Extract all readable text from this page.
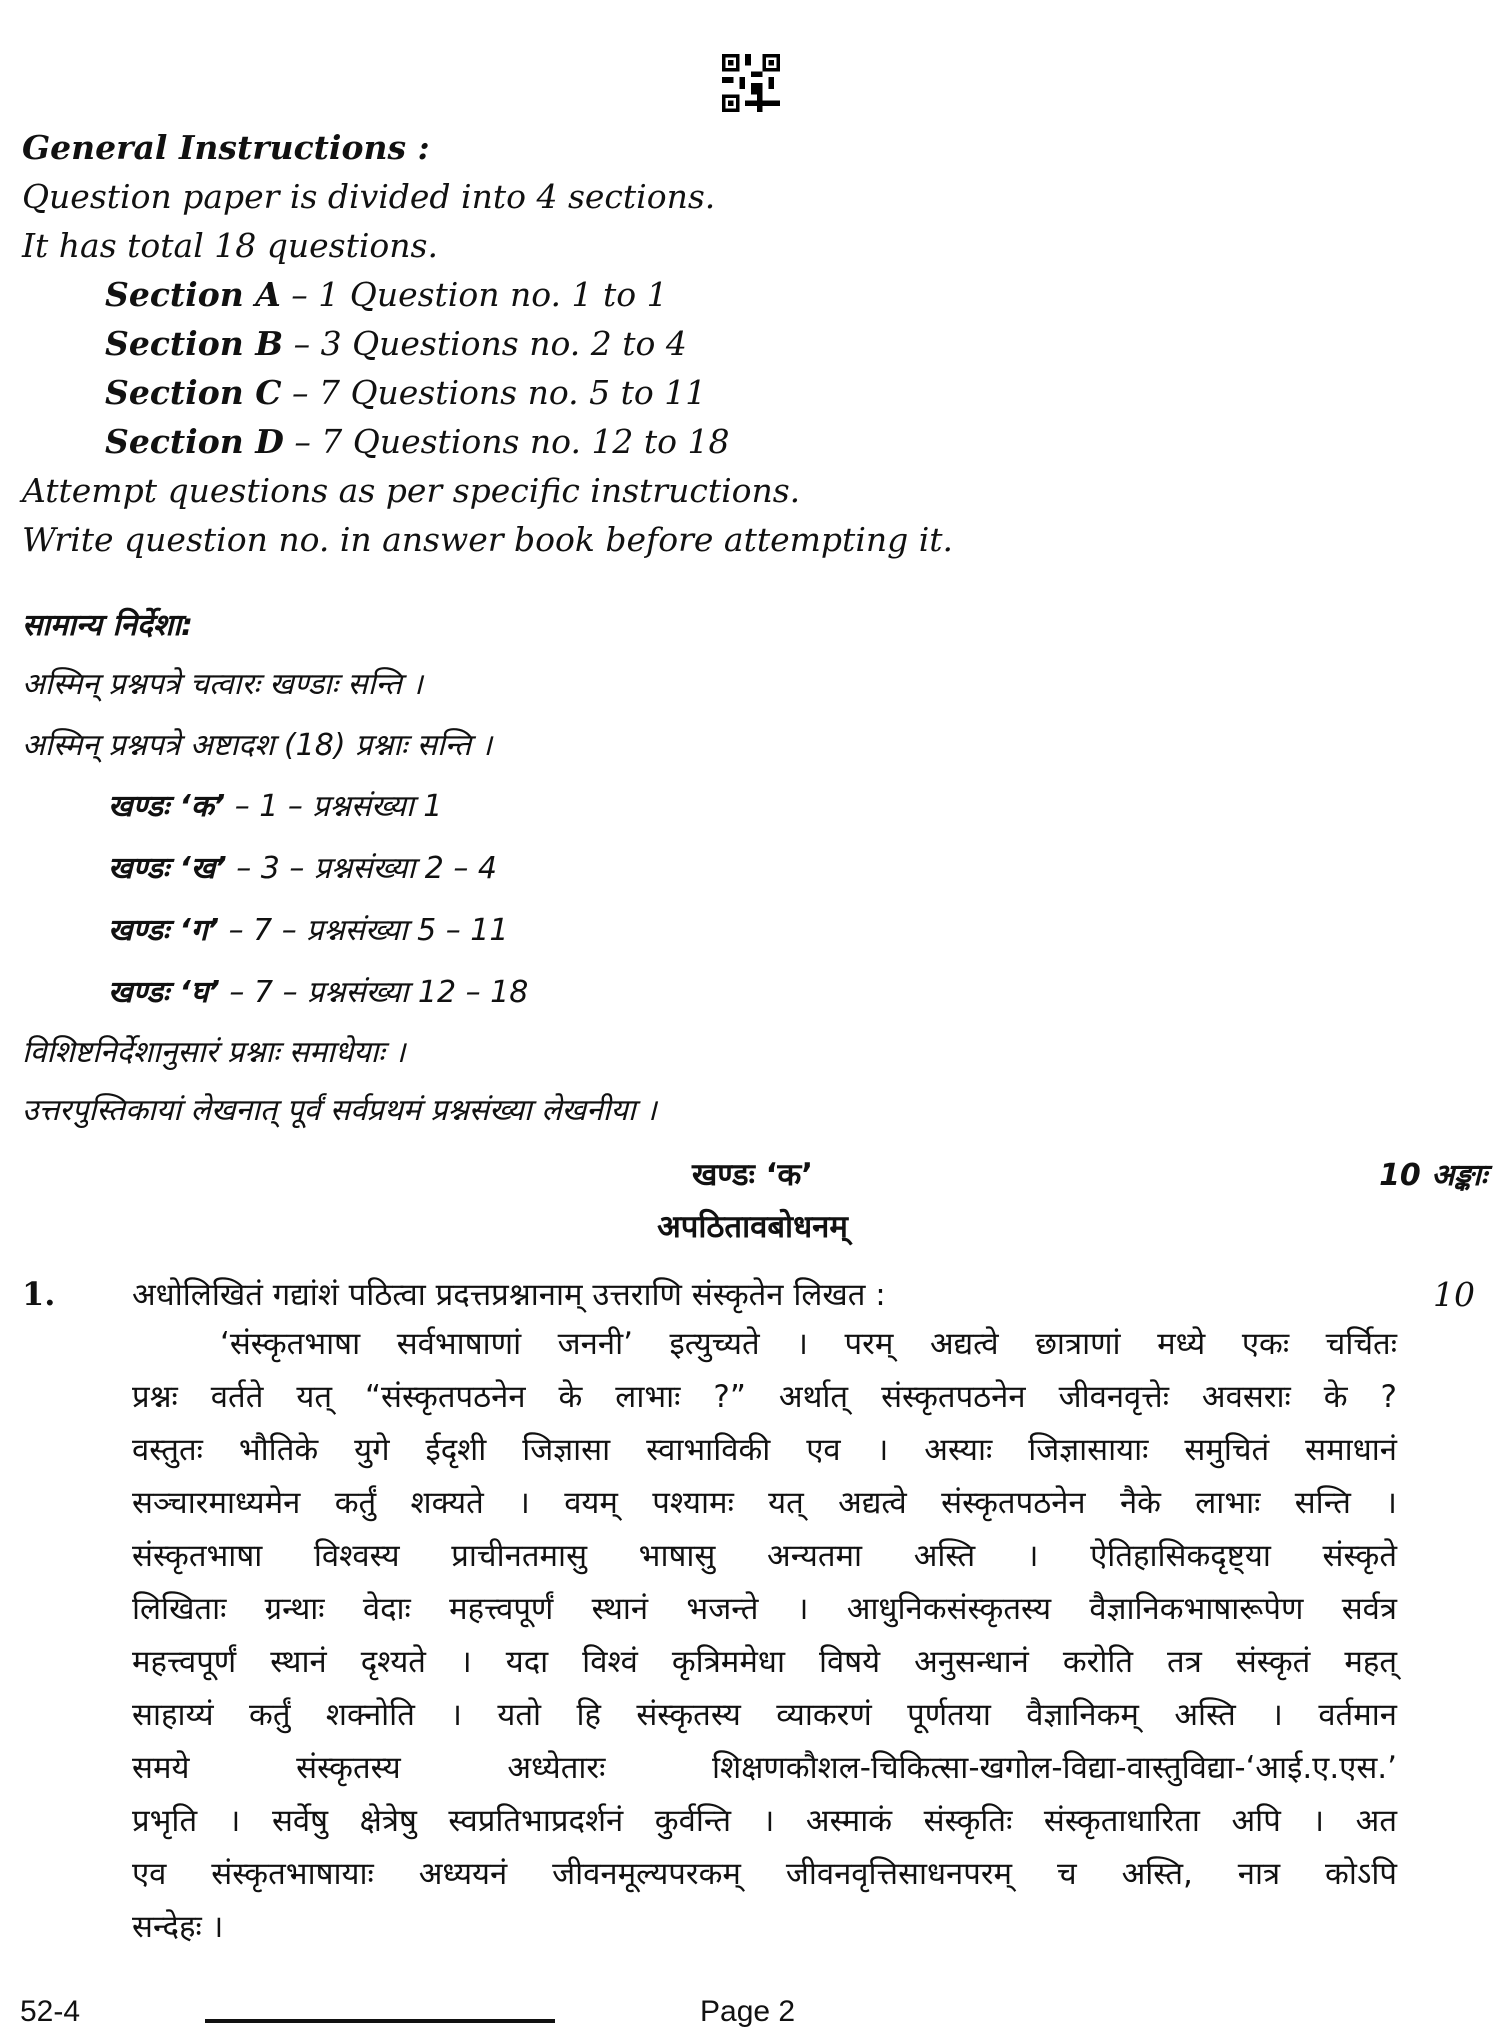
General Instructions :
Question paper is divided into 4 sections.
It has total 18 questions.
Section A – 1 Question no. 1 to 1
Section B – 3 Questions no. 2 to 4
Section C – 7 Questions no. 5 to 11
Section D – 7 Questions no. 12 to 18
Attempt questions as per specific instructions.
Write question no. in answer book before attempting it.
सामान्य निर्देशा:
अस्मिन् प्रश्नपत्रे चत्वारः खण्डाः सन्ति ।
अस्मिन् प्रश्नपत्रे अष्टादश (18) प्रश्नाः सन्ति ।
खण्डः ‘क’ – 1 – प्रश्नसंख्या 1
खण्डः ‘ख’ – 3 – प्रश्नसंख्या 2 – 4
खण्डः ‘ग’ – 7 – प्रश्नसंख्या 5 – 11
खण्डः ‘घ’ – 7 – प्रश्नसंख्या 12 – 18
विशिष्टनिर्देशानुसारं प्रश्नाः समाधेयाः ।
उत्तरपुस्तिकायां लेखनात् पूर्वं सर्वप्रथमं प्रश्नसंख्या लेखनीया ।
खण्डः ‘क’	10 अङ्काः
अपठितावबोधनम्
1. अधोलिखितं गद्यांशं पठित्वा प्रदत्तप्रश्नानाम् उत्तराणि संस्कृतेन लिखत :	10
‘संस्कृतभाषा सर्वभाषाणां जननी’ इत्युच्यते । परम् अद्यत्वे छात्राणां मध्ये एकः चर्चितः
प्रश्नः वर्तते यत् “संस्कृतपठनेन के लाभाः ?” अर्थात् संस्कृतपठनेन जीवनवृत्तेः अवसराः के ?
वस्तुतः भौतिके युगे ईदृशी जिज्ञासा स्वाभाविकी एव । अस्याः जिज्ञासायाः समुचितं समाधानं
सञ्चारमाध्यमेन कर्तुं शक्यते । वयम् पश्यामः यत् अद्यत्वे संस्कृतपठनेन नैके लाभाः सन्ति ।
संस्कृतभाषा विश्वस्य प्राचीनतमासु भाषासु अन्यतमा अस्ति । ऐतिहासिकदृष्ट्या संस्कृते
लिखिताः ग्रन्थाः वेदाः महत्त्वपूर्णं स्थानं भजन्ते । आधुनिकसंस्कृतस्य वैज्ञानिकभाषारूपेण सर्वत्र
महत्त्वपूर्णं स्थानं दृश्यते । यदा विश्वं कृत्रिममेधा विषये अनुसन्धानं करोति तत्र संस्कृतं महत्
साहाय्यं कर्तुं शक्नोति । यतो हि संस्कृतस्य व्याकरणं पूर्णतया वैज्ञानिकम् अस्ति । वर्तमान
समये संस्कृतस्य अध्येतारः शिक्षणकौशल-चिकित्सा-खगोल-विद्या-वास्तुविद्या-‘आई.ए.एस.’
प्रभृति । सर्वेषु क्षेत्रेषु स्वप्रतिभाप्रदर्शनं कुर्वन्ति । अस्माकं संस्कृतिः संस्कृताधारिता अपि । अत
एव संस्कृतभाषायाः अध्ययनं जीवनमूल्यपरकम् जीवनवृत्तिसाधनपरम् च अस्ति, नात्र कोऽपि
सन्देहः ।
52-4	Page 2
